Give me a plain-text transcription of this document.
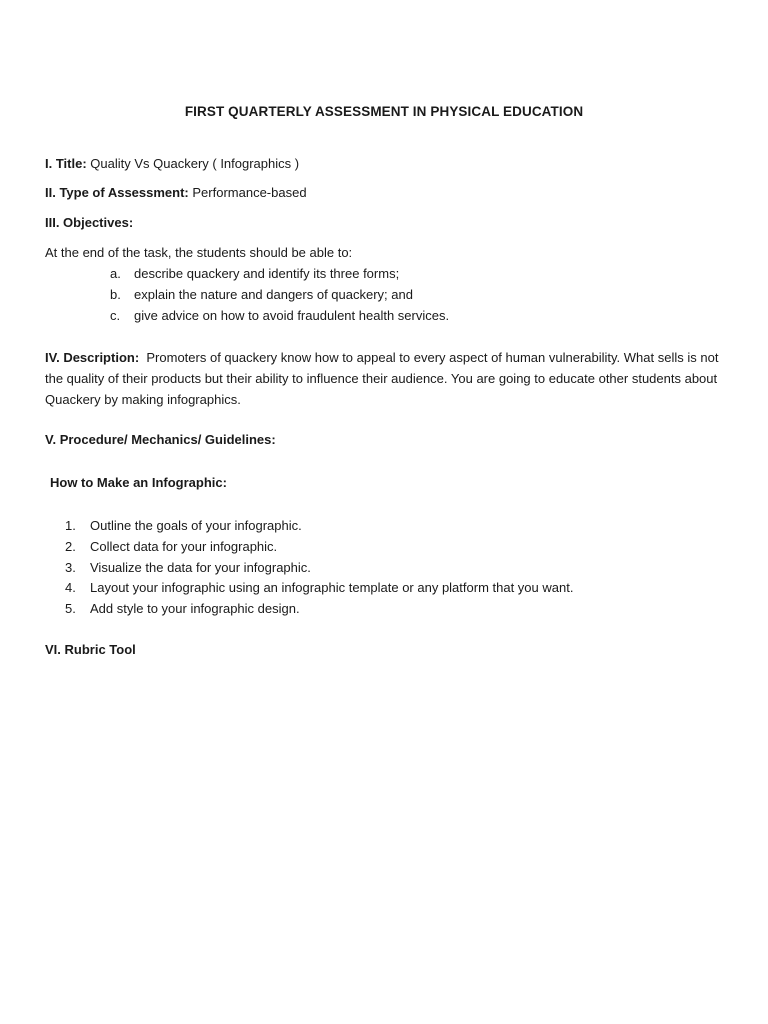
FIRST QUARTERLY ASSESSMENT IN PHYSICAL EDUCATION
I. Title: Quality Vs Quackery ( Infographics )
II. Type of Assessment: Performance-based
III. Objectives:
At the end of the task, the students should be able to:
a.	describe quackery and identify its three forms;
b.	explain the nature and dangers of quackery; and
c.	give advice on how to avoid fraudulent health services.
IV. Description: Promoters of quackery know how to appeal to every aspect of human vulnerability. What sells is not the quality of their products but their ability to influence their audience. You are going to educate other students about Quackery by making infographics.
V. Procedure/ Mechanics/ Guidelines:
How to Make an Infographic:
1.	Outline the goals of your infographic.
2.	Collect data for your infographic.
3.	Visualize the data for your infographic.
4.	Layout your infographic using an infographic template or any platform that you want.
5.	Add style to your infographic design.
VI. Rubric Tool
